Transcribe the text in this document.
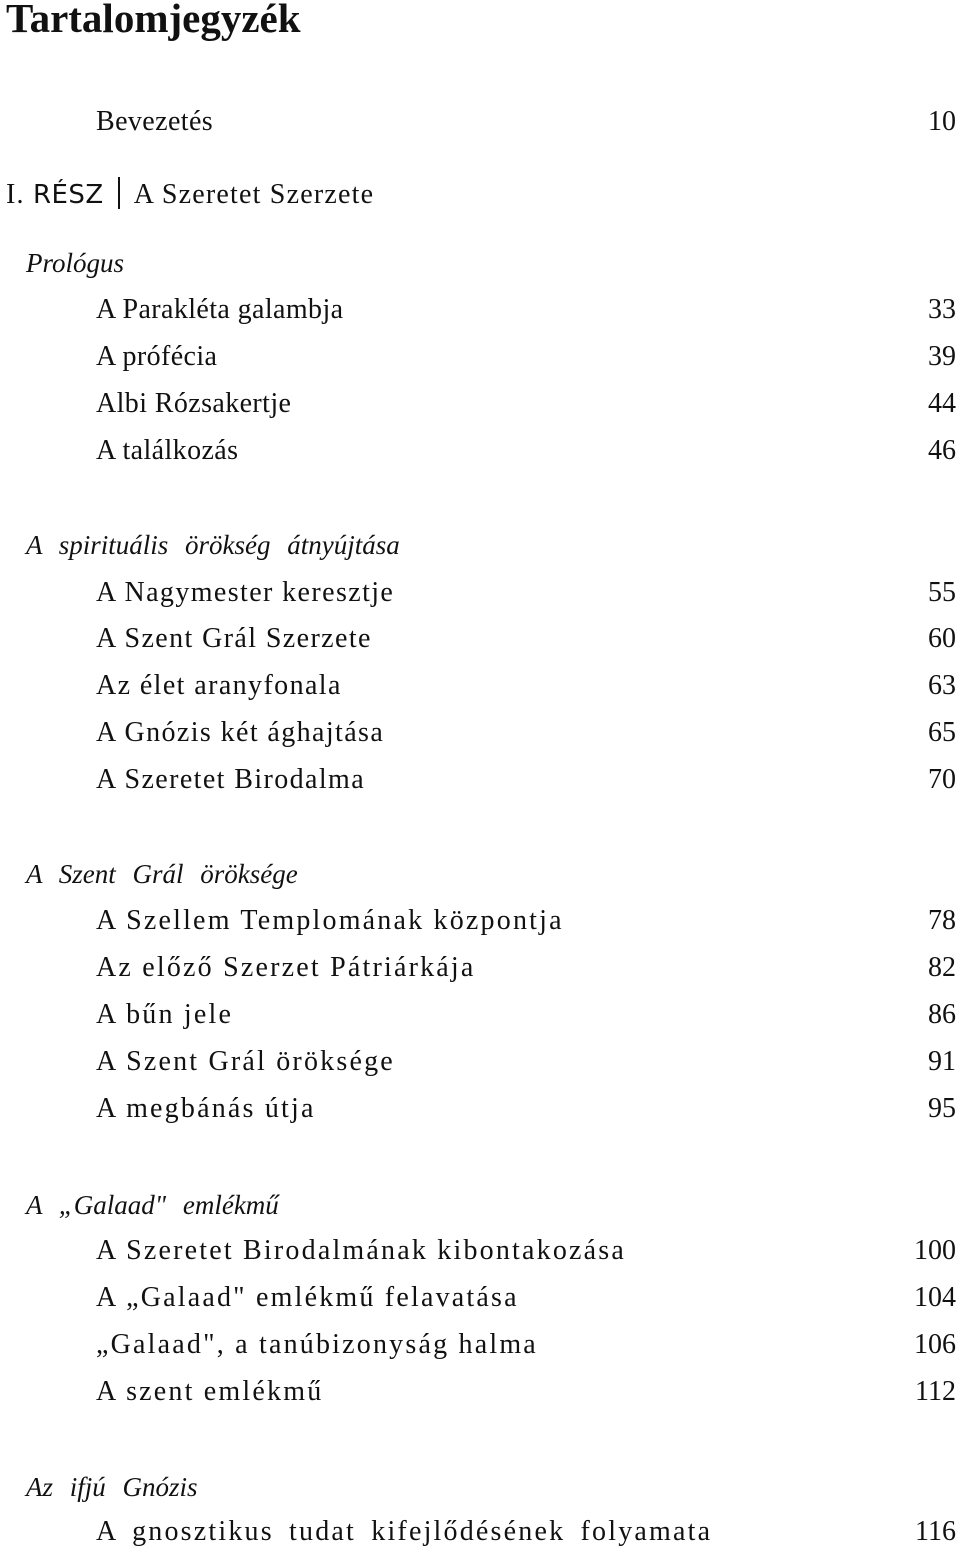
Tartalomjegyzék
Bevezetés	10
I. RÉSZ A Szeretet Szerzete
Prológus
A Parakléta galambja	33
A prófécia	39
Albi Rózsakertje	44
A találkozás	46
A spirituális örökség átnyújtása
A Nagymester keresztje	55
A Szent Grál Szerzete	60
Az élet aranyfonala	63
A Gnózis két ághajtása	65
A Szeretet Birodalma	70
A Szent Grál öröksége
A Szellem Templomának központja	78
Az előző Szerzet Pátriárkája	82
A bűn jele	86
A Szent Grál öröksége	91
A megbánás útja	95
A „Galaad" emlékmű
A Szeretet Birodalmának kibontakozása	100
A „Galaad" emlékmű felavatása	104
„Galaad", a tanúbizonyság halma	106
A szent emlékmű	112
Az ifjú Gnózis
A gnosztikus tudat kifejlődésének folyamata	116
